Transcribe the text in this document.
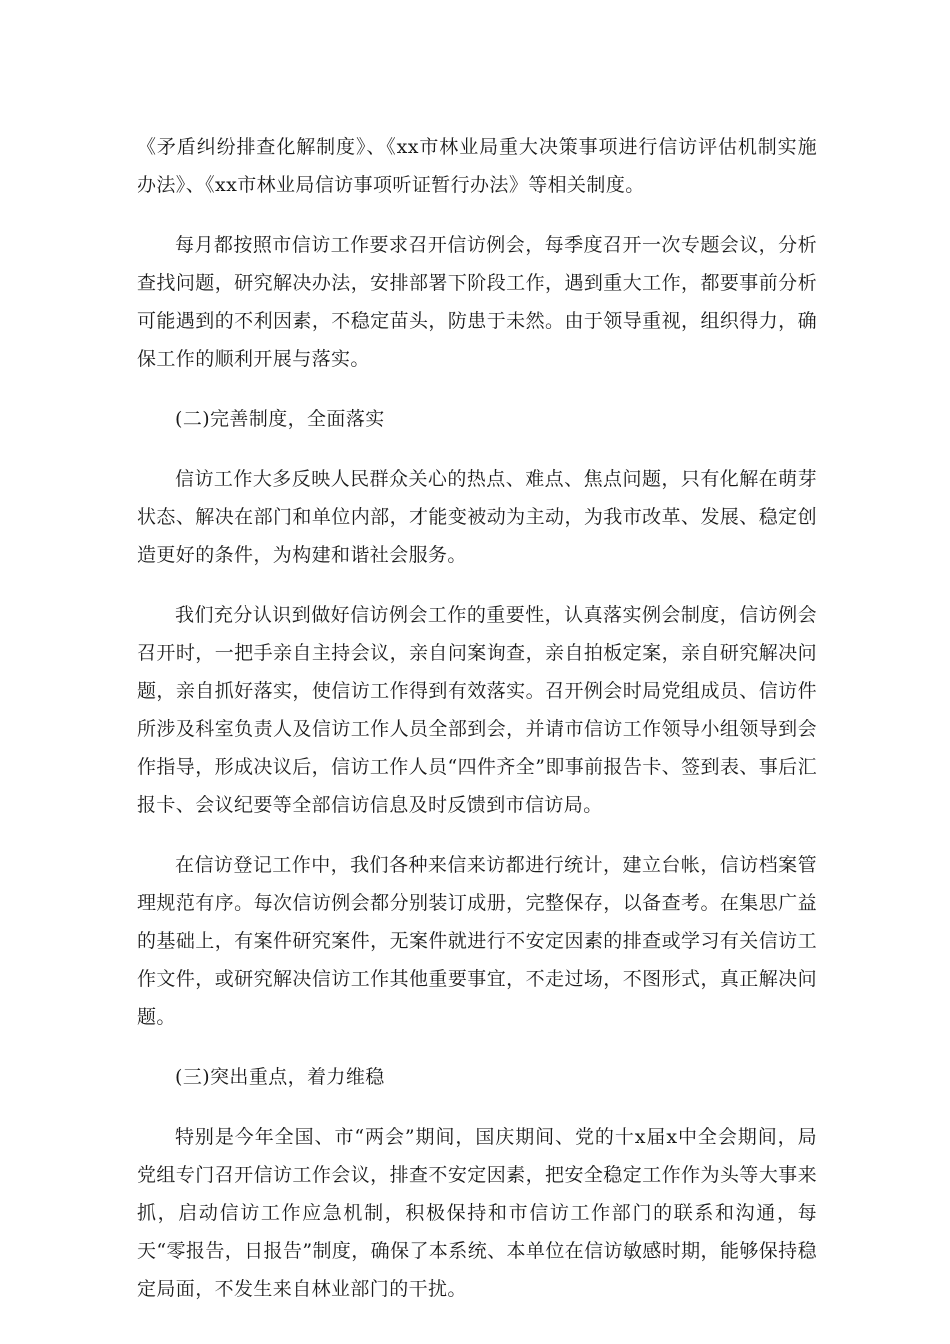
《矛盾纠纷排查化解制度》、《xx市林业局重大决策事项进行信访评估机制实施办法》、《xx市林业局信访事项听证暂行办法》等相关制度。

每月都按照市信访工作要求召开信访例会，每季度召开一次专题会议，分析查找问题，研究解决办法，安排部署下阶段工作，遇到重大工作，都要事前分析可能遇到的不利因素，不稳定苗头，防患于未然。由于领导重视，组织得力，确保工作的顺利开展与落实。

(二)完善制度，全面落实

信访工作大多反映人民群众关心的热点、难点、焦点问题，只有化解在萌芽状态、解决在部门和单位内部，才能变被动为主动，为我市改革、发展、稳定创造更好的条件，为构建和谐社会服务。

我们充分认识到做好信访例会工作的重要性，认真落实例会制度，信访例会召开时，一把手亲自主持会议，亲自问案询查，亲自拍板定案，亲自研究解决问题，亲自抓好落实，使信访工作得到有效落实。召开例会时局党组成员、信访件所涉及科室负责人及信访工作人员全部到会，并请市信访工作领导小组领导到会作指导，形成决议后，信访工作人员“四件齐全”即事前报告卡、签到表、事后汇报卡、会议纪要等全部信访信息及时反馈到市信访局。

在信访登记工作中，我们各种来信来访都进行统计，建立台帐，信访档案管理规范有序。每次信访例会都分别装订成册，完整保存，以备查考。在集思广益的基础上，有案件研究案件，无案件就进行不安定因素的排查或学习有关信访工作文件，或研究解决信访工作其他重要事宜，不走过场，不图形式，真正解决问题。

(三)突出重点，着力维稳

特别是今年全国、市“两会”期间，国庆期间、党的十x届x中全会期间，局党组专门召开信访工作会议，排查不安定因素，把安全稳定工作作为头等大事来抓，启动信访工作应急机制，积极保持和市信访工作部门的联系和沟通，每天“零报告，日报告”制度，确保了本系统、本单位在信访敏感时期，能够保持稳定局面，不发生来自林业部门的干扰。
